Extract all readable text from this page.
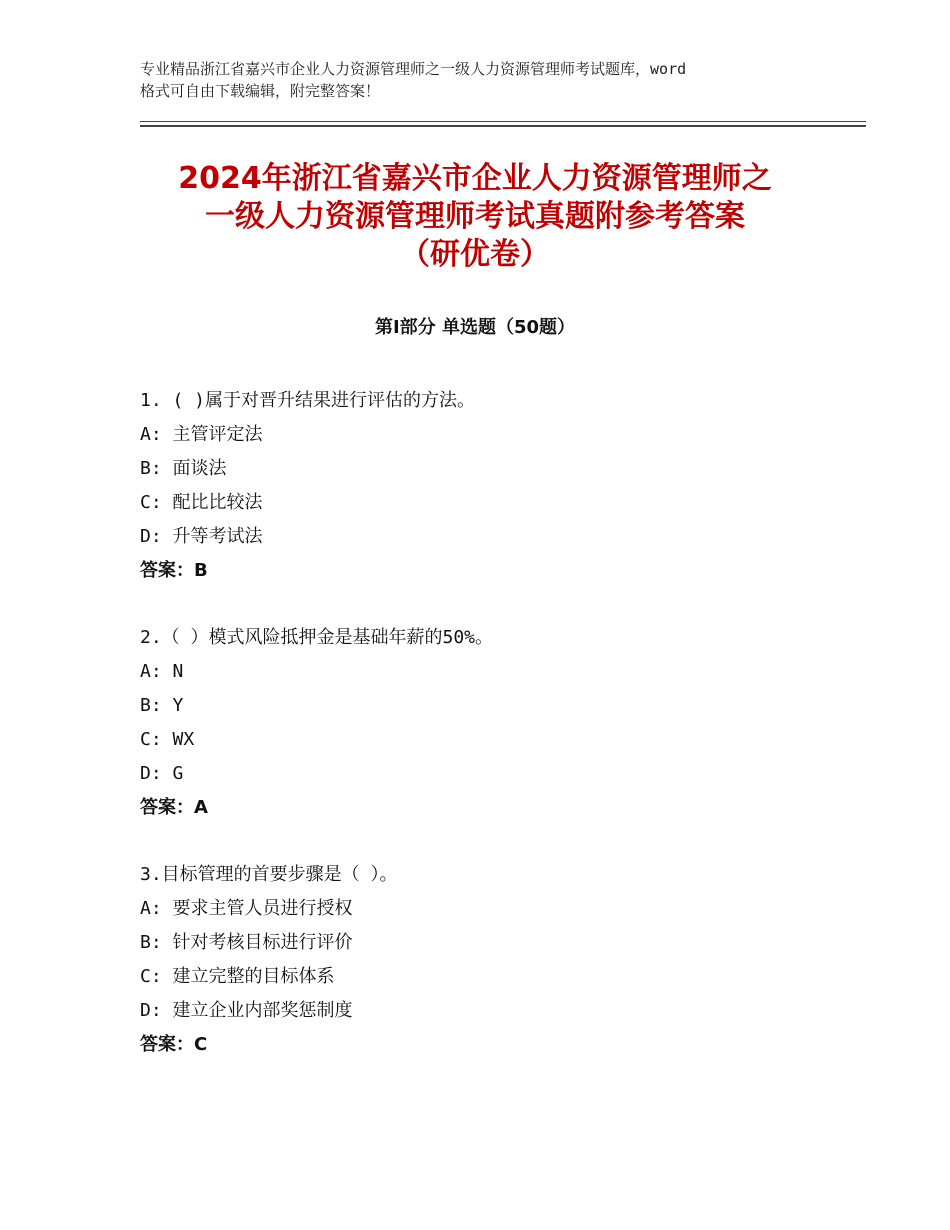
专业精品浙江省嘉兴市企业人力资源管理师之一级人力资源管理师考试题库，word
格式可自由下载编辑，附完整答案！
2024年浙江省嘉兴市企业人力资源管理师之
一级人力资源管理师考试真题附参考答案
（研优卷）
第Ⅰ部分 单选题（50题）
1. ( )属于对晋升结果进行评估的方法。
A: 主管评定法
B: 面谈法
C: 配比比较法
D: 升等考试法
答案：B
2.（ ）模式风险抵押金是基础年薪的50%。
A: N
B: Y
C: WX
D: G
答案：A
3.目标管理的首要步骤是（ ）。
A: 要求主管人员进行授权
B: 针对考核目标进行评价
C: 建立完整的目标体系
D: 建立企业内部奖惩制度
答案：C
